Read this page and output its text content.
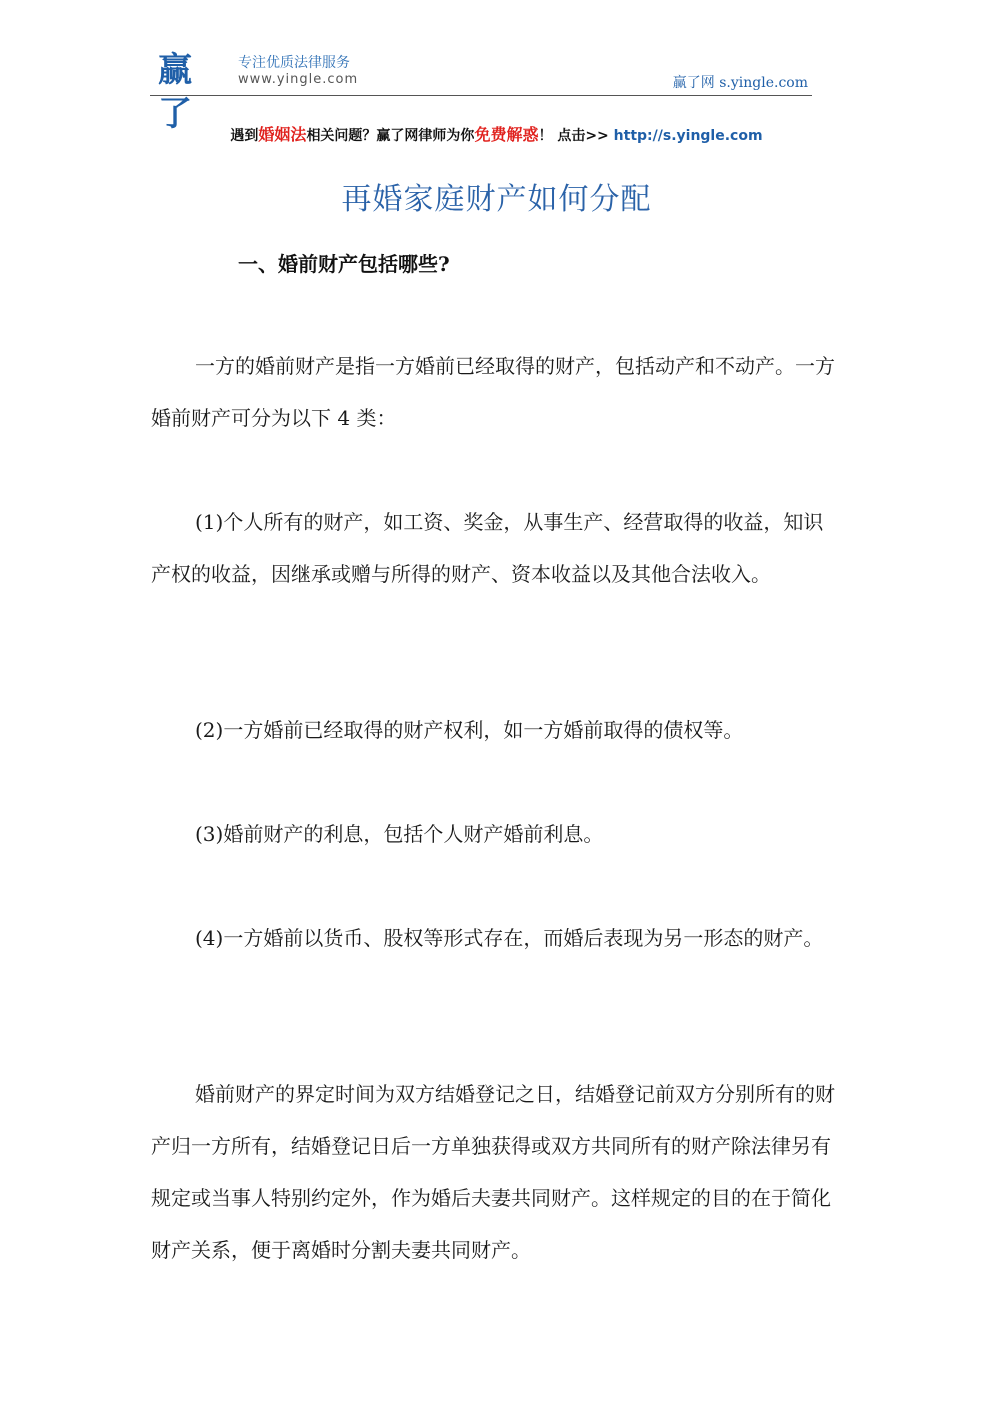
赢了
专注优质法律服务
www.yingle.com	赢了网 s.yingle.com
遇到婚姻法相关问题？赢了网律师为你免费解惑！ 点击>> http://s.yingle.com
再婚家庭财产如何分配
一、婚前财产包括哪些?

一方的婚前财产是指一方婚前已经取得的财产，包括动产和不动产。一方婚前财产可分为以下 4 类：

(1)个人所有的财产，如工资、奖金，从事生产、经营取得的收益，知识产权的收益，因继承或赠与所得的财产、资本收益以及其他合法收入。

(2)一方婚前已经取得的财产权利，如一方婚前取得的债权等。

(3)婚前财产的利息，包括个人财产婚前利息。

(4)一方婚前以货币、股权等形式存在，而婚后表现为另一形态的财产。

婚前财产的界定时间为双方结婚登记之日，结婚登记前双方分别所有的财产归一方所有，结婚登记日后一方单独获得或双方共同所有的财产除法律另有规定或当事人特别约定外，作为婚后夫妻共同财产。这样规定的目的在于简化财产关系，便于离婚时分割夫妻共同财产。
